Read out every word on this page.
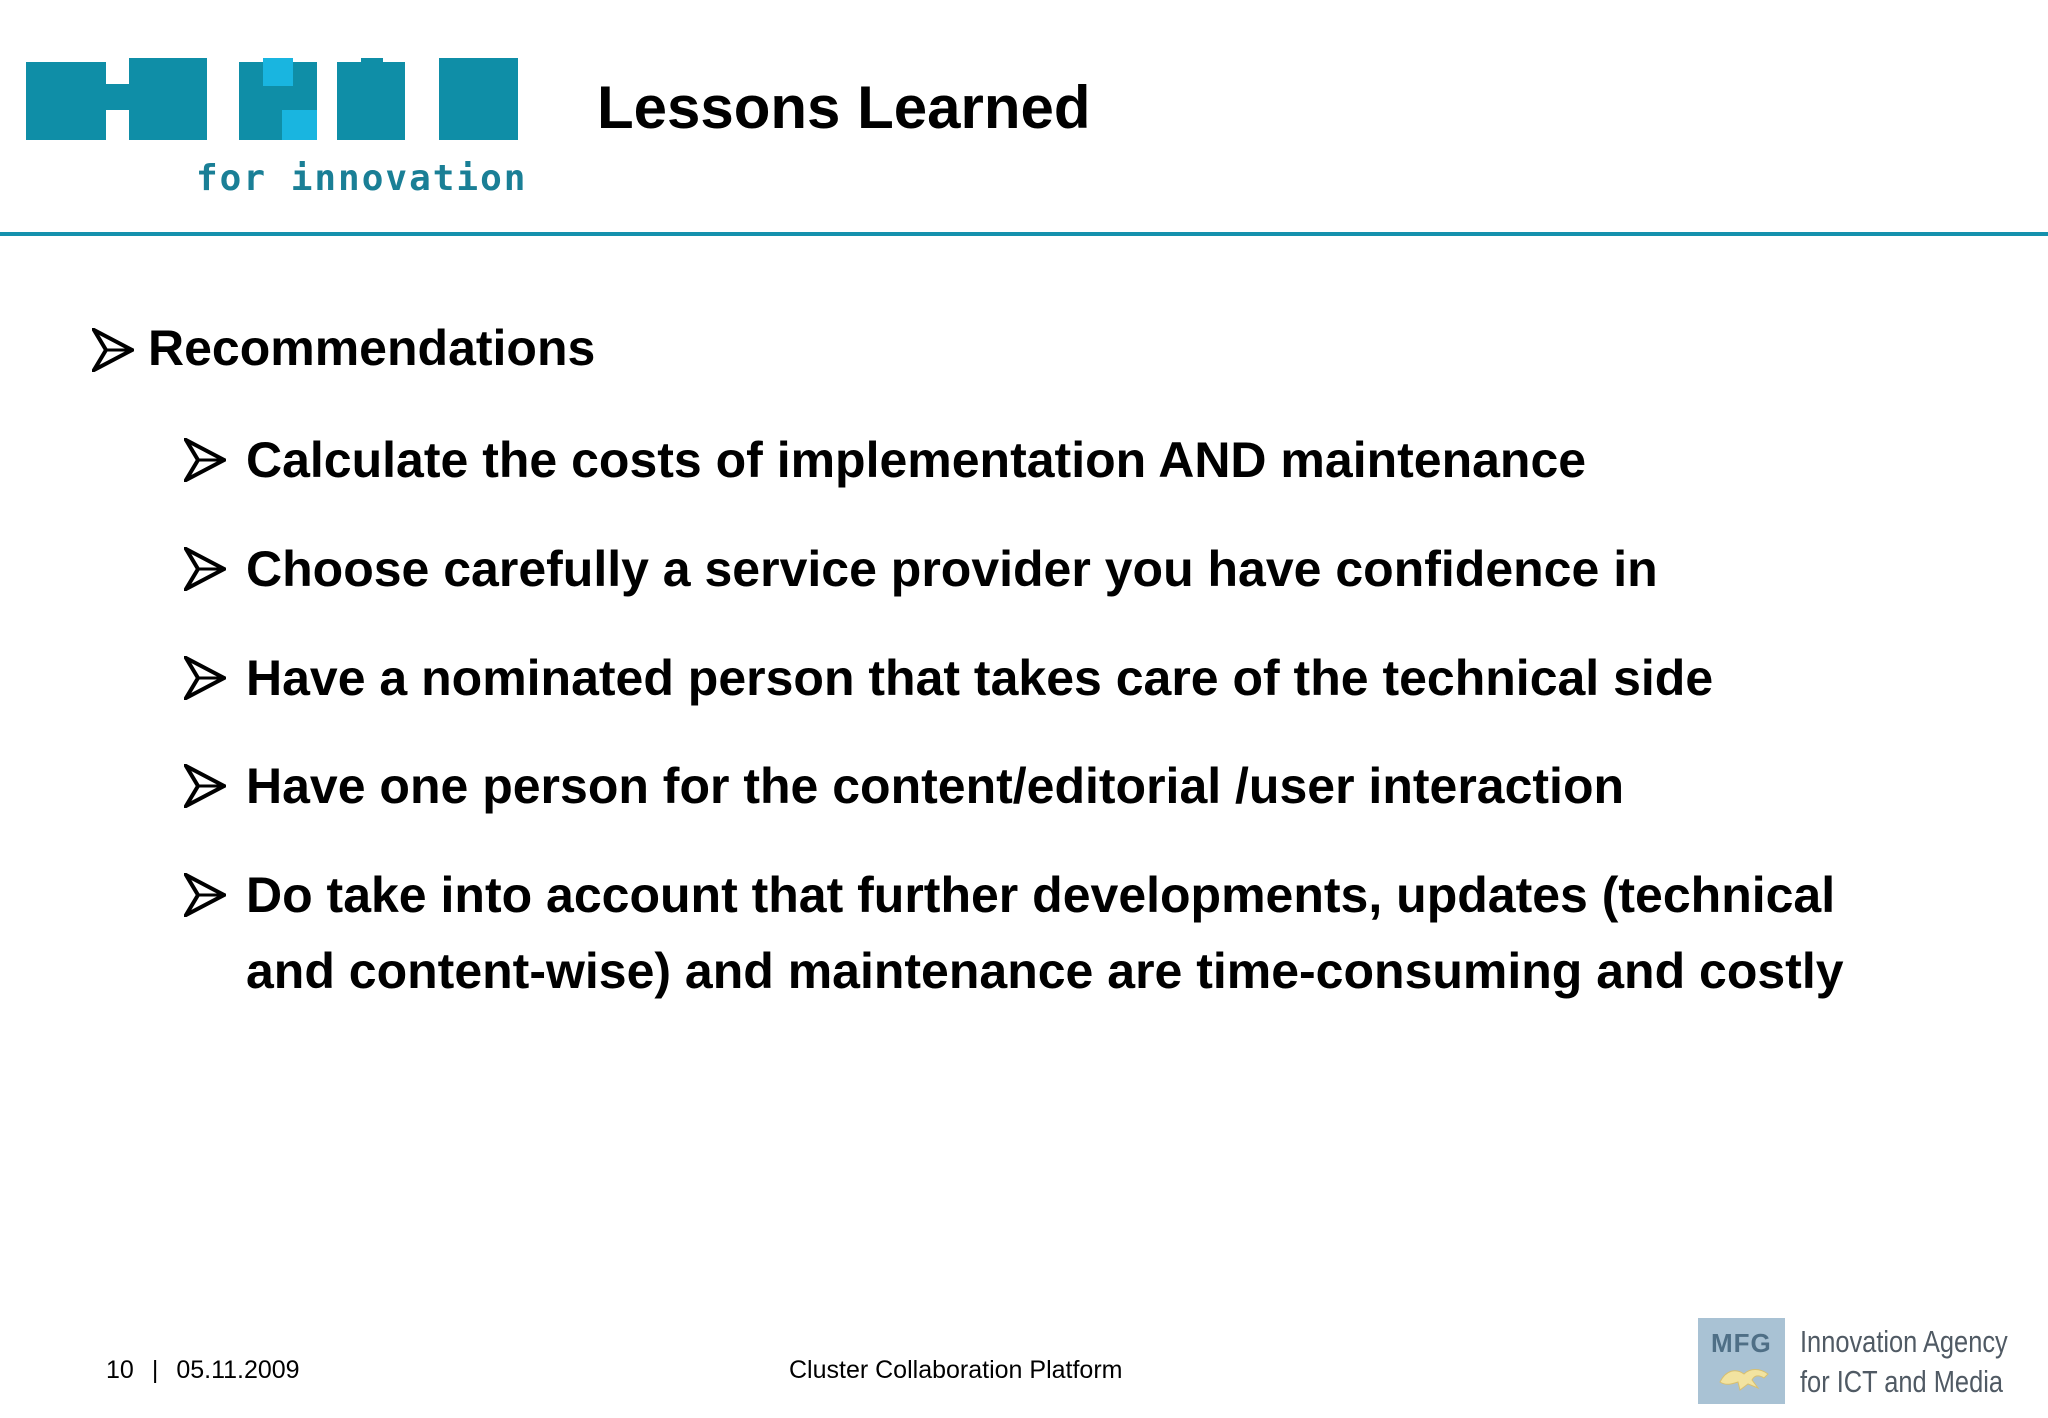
for innovation
Lessons Learned
Recommendations
Calculate the costs of implementation AND maintenance
Choose carefully a service provider you have confidence in
Have a nominated person that takes care of the technical side
Have one person for the content/editorial /user interaction
Do take into account that further developments, updates (technical
and content-wise) and maintenance are time-consuming and costly
10 | 05.11.2009	Cluster Collaboration Platform
MFG Innovation Agency
for ICT and Media
